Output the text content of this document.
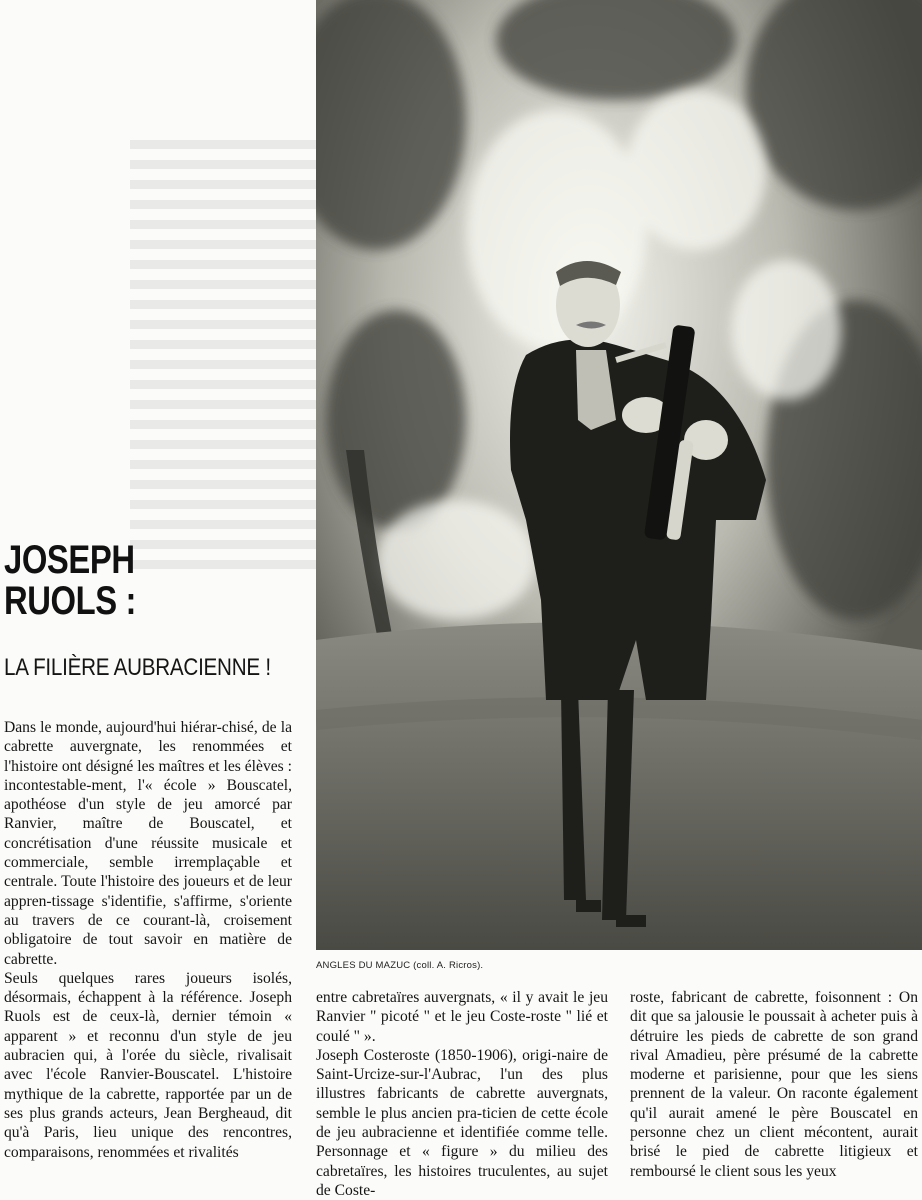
JOSEPH
RUOLS :
LA FILIÈRE AUBRACIENNE !

Dans le monde, aujourd'hui hiérar-chisé, de la cabrette auvergnate, les renommées et l'histoire ont désigné les maîtres et les élèves : incontestable-ment, l'« école » Bouscatel, apothéose d'un style de jeu amorcé par Ranvier, maître de Bouscatel, et concrétisation d'une réussite musicale et commerciale, semble irremplaçable et centrale. Toute l'histoire des joueurs et de leur appren-tissage s'identifie, s'affirme, s'oriente au travers de ce courant-là, croisement obligatoire de tout savoir en matière de cabrette.

Seuls quelques rares joueurs isolés, désormais, échappent à la référence. Joseph Ruols est de ceux-là, dernier témoin « apparent » et reconnu d'un style de jeu aubracien qui, à l'orée du siècle, rivalisait avec l'école Ranvier-Bouscatel. L'histoire mythique de la cabrette, rapportée par un de ses plus grands acteurs, Jean Bergheaud, dit qu'à Paris, lieu unique des rencontres, comparaisons, renommées et rivalités

ANGLES DU MAZUC (coll. A. Ricros).

entre cabretaïres auvergnats, « il y avait le jeu Ranvier " picoté " et le jeu Coste-roste " lié et coulé " ».

Joseph Costeroste (1850-1906), origi-naire de Saint-Urcize-sur-l'Aubrac, l'un des plus illustres fabricants de cabrette auvergnats, semble le plus ancien pra-ticien de cette école de jeu aubracienne et identifiée comme telle. Personnage et « figure » du milieu des cabretaïres, les histoires truculentes, au sujet de Coste-

roste, fabricant de cabrette, foisonnent : On dit que sa jalousie le poussait à acheter puis à détruire les pieds de cabrette de son grand rival Amadieu, père présumé de la cabrette moderne et parisienne, pour que les siens prennent de la valeur. On raconte également qu'il aurait amené le père Bouscatel en personne chez un client mécontent, aurait brisé le pied de cabrette litigieux et remboursé le client sous les yeux
